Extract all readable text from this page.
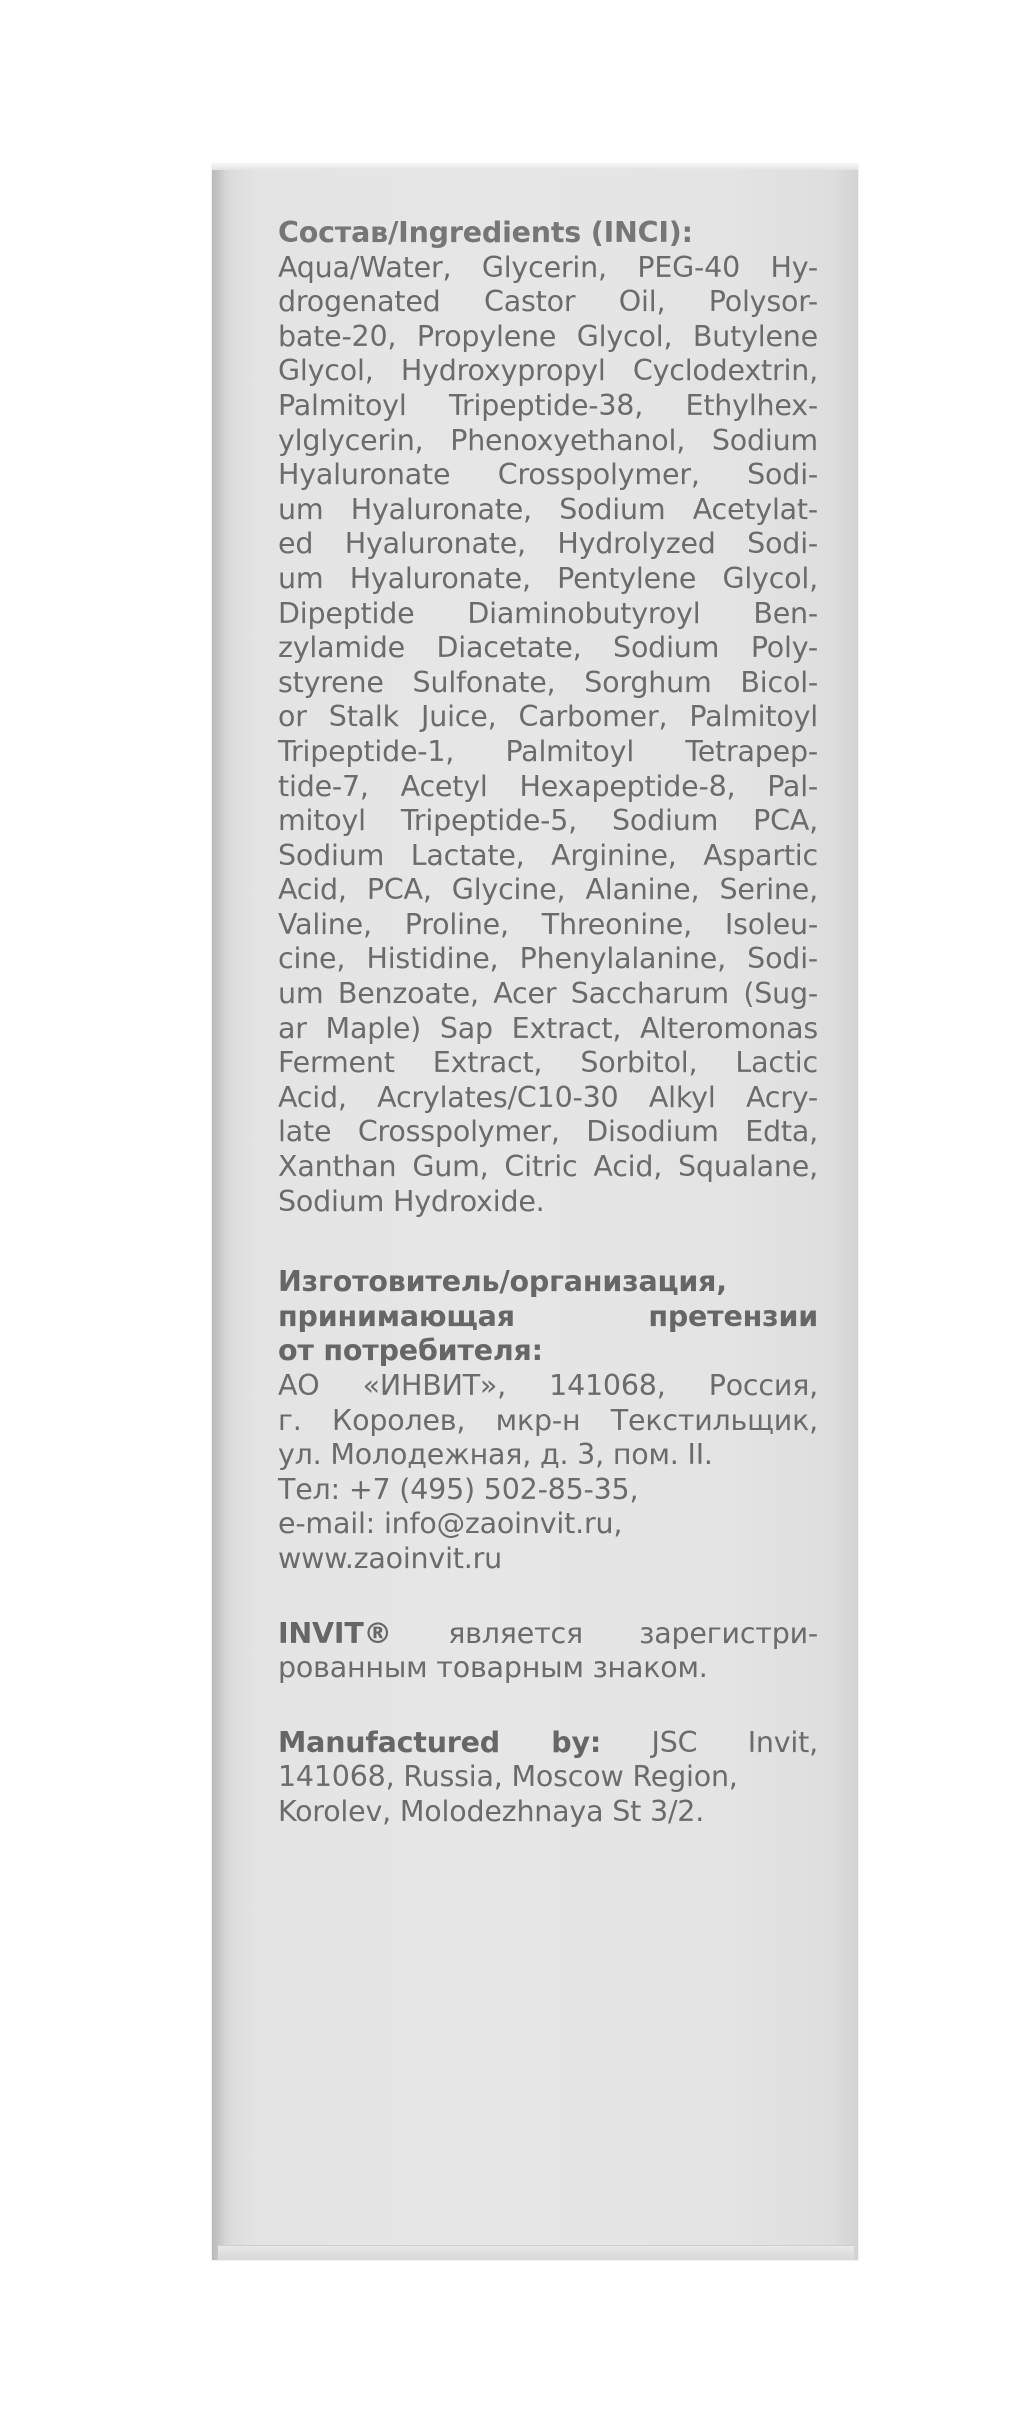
Состав/Ingredients (INCI):
Aqua/Water, Glycerin, PEG-40 Hy-
drogenated Castor Oil, Polysor-
bate-20, Propylene Glycol, Butylene
Glycol, Hydroxypropyl Cyclodextrin,
Palmitoyl Tripeptide-38, Ethylhex-
ylglycerin, Phenoxyethanol, Sodium
Hyaluronate Crosspolymer, Sodi-
um Hyaluronate, Sodium Acetylat-
ed Hyaluronate, Hydrolyzed Sodi-
um Hyaluronate, Pentylene Glycol,
Dipeptide Diaminobutyroyl Ben-
zylamide Diacetate, Sodium Poly-
styrene Sulfonate, Sorghum Bicol-
or Stalk Juice, Carbomer, Palmitoyl
Tripeptide-1, Palmitoyl Tetrapep-
tide-7, Acetyl Hexapeptide-8, Pal-
mitoyl Tripeptide-5, Sodium PCA,
Sodium Lactate, Arginine, Aspartic
Acid, PCA, Glycine, Alanine, Serine,
Valine, Proline, Threonine, Isoleu-
cine, Histidine, Phenylalanine, Sodi-
um Benzoate, Acer Saccharum (Sug-
ar Maple) Sap Extract, Alteromonas
Ferment Extract, Sorbitol, Lactic
Acid, Acrylates/C10-30 Alkyl Acry-
late Crosspolymer, Disodium Edta,
Xanthan Gum, Citric Acid, Squalane,
Sodium Hydroxide.
Изготовитель/организация,
принимающая претензии
от потребителя:
АО «ИНВИТ», 141068, Россия,
г. Королев, мкр-н Текстильщик,
ул. Молодежная, д. 3, пом. II.
Тел: +7 (495) 502-85-35,
e-mail: info@zaoinvit.ru,
www.zaoinvit.ru
INVIT® является зарегистри-
рованным товарным знаком.
Manufactured by: JSC Invit,
141068, Russia, Moscow Region,
Korolev, Molodezhnaya St 3/2.
